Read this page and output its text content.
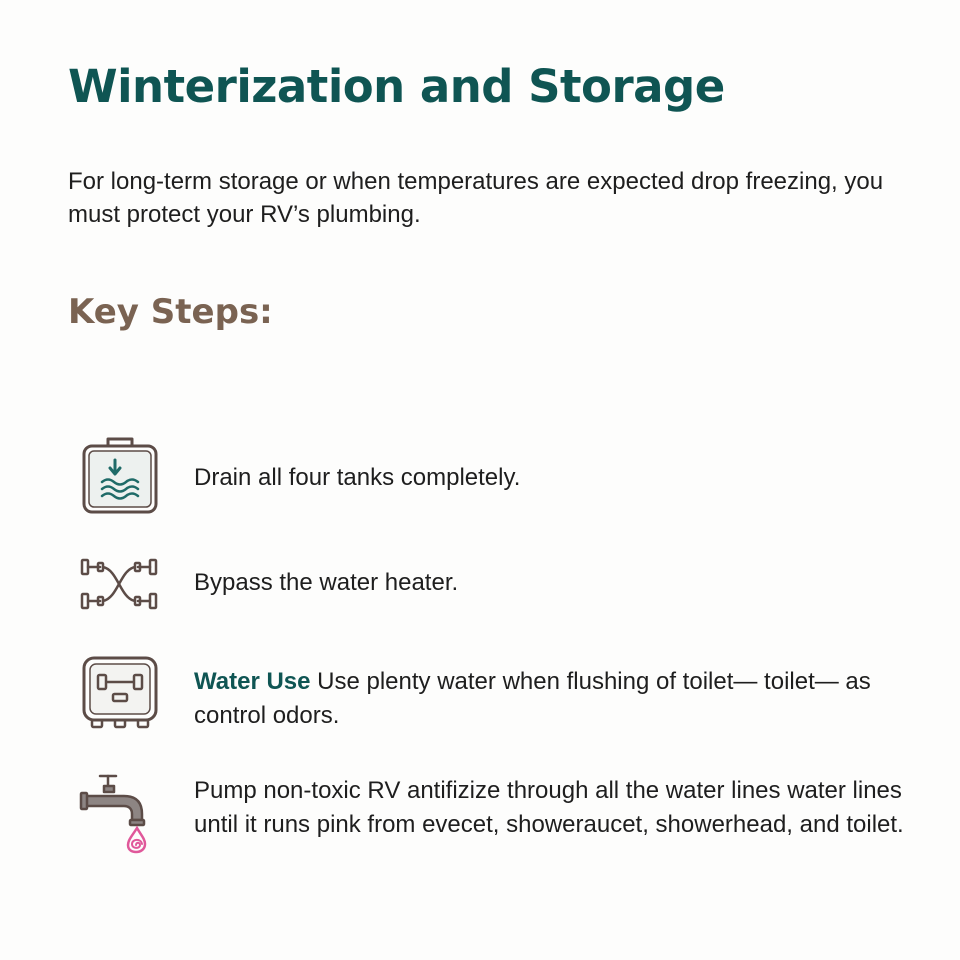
Winterization and Storage

For long-term storage or when temperatures are expected drop freezing, you must protect your RV’s plumbing.

Key Steps:

Drain all four tanks completely.

Bypass the water heater.

Water Use Use plenty water when flushing of toilet— toilet— as control odors.

Pump non-toxic RV antifizize through all the water lines water lines until it runs pink from evecet, showeraucet, showerhead, and toilet.
